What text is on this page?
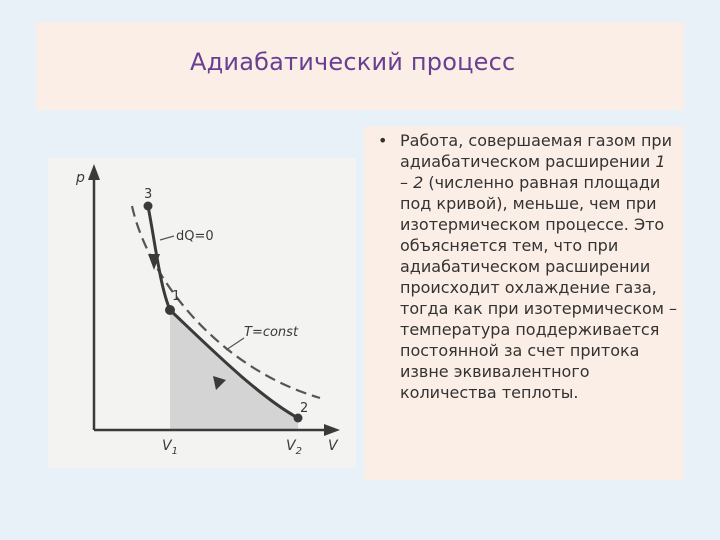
Адиабатический процесс
p
V
3
1
2
dQ=0
T=const
$V_1$	$V_2$
• Работа, совершаемая газом при адиабатическом расширении 1 – 2 (численно равная площади под кривой), меньше, чем при изотермическом процессе. Это объясняется тем, что при адиабатическом расширении происходит охлаждение газа, тогда как при изотермическом – температура поддерживается постоянной за счет притока извне эквивалентного количества теплоты.
